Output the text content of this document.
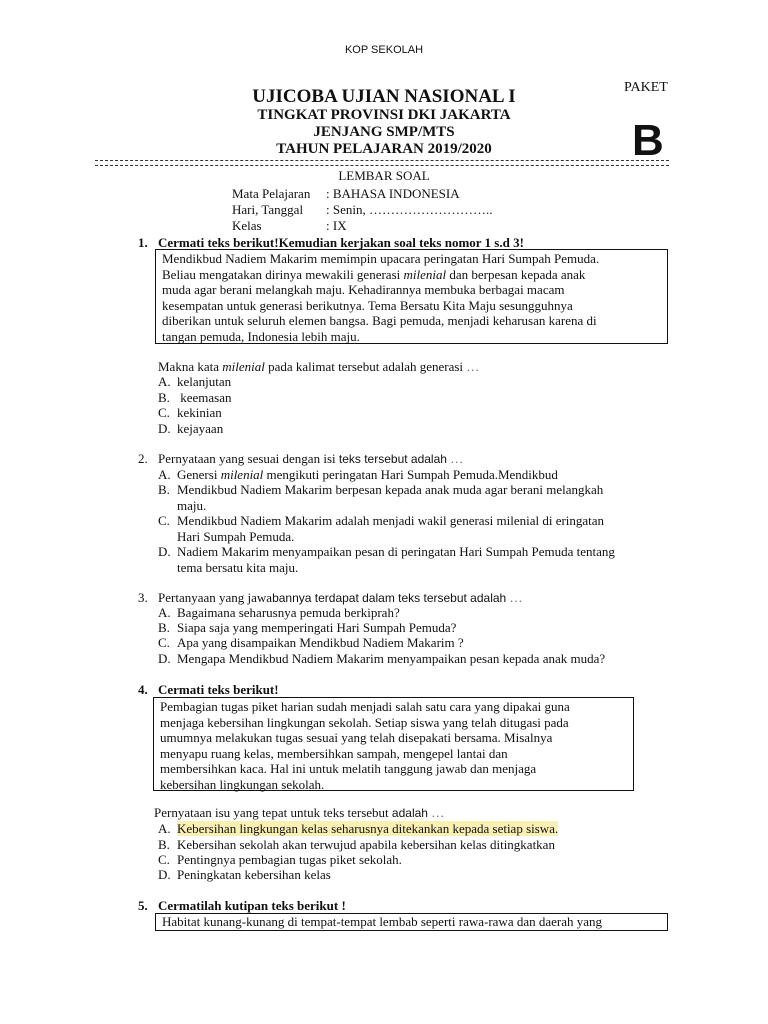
KOP SEKOLAH
UJICOBA UJIAN NASIONAL I
TINGKAT PROVINSI DKI JAKARTA
JENJANG SMP/MTS
TAHUN PELAJARAN 2019/2020
PAKET
B
LEMBAR SOAL
Mata Pelajaran : BAHASA INDONESIA
Hari, Tanggal : Senin, ………………………..
Kelas	: IX
1. Cermati teks berikut!Kemudian kerjakan soal teks nomor 1 s.d 3!
Mendikbud Nadiem Makarim memimpin upacara peringatan Hari Sumpah Pemuda.
Beliau mengatakan dirinya mewakili generasi milenial dan berpesan kepada anak
muda agar berani melangkah maju. Kehadirannya membuka berbagai macam
kesempatan untuk generasi berikutnya. Tema Bersatu Kita Maju sesungguhnya
diberikan untuk seluruh elemen bangsa. Bagi pemuda, menjadi keharusan karena di
tangan pemuda, Indonesia lebih maju.
Makna kata milenial pada kalimat tersebut adalah generasi …
A. kelanjutan
B. keemasan
C. kekinian
D. kejayaan
2. Pernyataan yang sesuai dengan isi teks tersebut adalah …
A. Genersi milenial mengikuti peringatan Hari Sumpah Pemuda.Mendikbud
B. Mendikbud Nadiem Makarim berpesan kepada anak muda agar berani melangkah
maju.
C. Mendikbud Nadiem Makarim adalah menjadi wakil generasi milenial di eringatan
Hari Sumpah Pemuda.
D. Nadiem Makarim menyampaikan pesan di peringatan Hari Sumpah Pemuda tentang
tema bersatu kita maju.
3. Pertanyaan yang jawabannya terdapat dalam teks tersebut adalah …
A. Bagaimana seharusnya pemuda berkiprah?
B. Siapa saja yang memperingati Hari Sumpah Pemuda?
C. Apa yang disampaikan Mendikbud Nadiem Makarim ?
D. Mengapa Mendikbud Nadiem Makarim menyampaikan pesan kepada anak muda?
4. Cermati teks berikut!
Pembagian tugas piket harian sudah menjadi salah satu cara yang dipakai guna
menjaga kebersihan lingkungan sekolah. Setiap siswa yang telah ditugasi pada
umumnya melakukan tugas sesuai yang telah disepakati bersama. Misalnya
menyapu ruang kelas, membersihkan sampah, mengepel lantai dan
membersihkan kaca. Hal ini untuk melatih tanggung jawab dan menjaga
kebersihan lingkungan sekolah.
Pernyataan isu yang tepat untuk teks tersebut adalah …
A. Kebersihan lingkungan kelas seharusnya ditekankan kepada setiap siswa.
B. Kebersihan sekolah akan terwujud apabila kebersihan kelas ditingkatkan
C. Pentingnya pembagian tugas piket sekolah.
D. Peningkatan kebersihan kelas
5. Cermatilah kutipan teks berikut !
Habitat kunang-kunang di tempat-tempat lembab seperti rawa-rawa dan daerah yang
